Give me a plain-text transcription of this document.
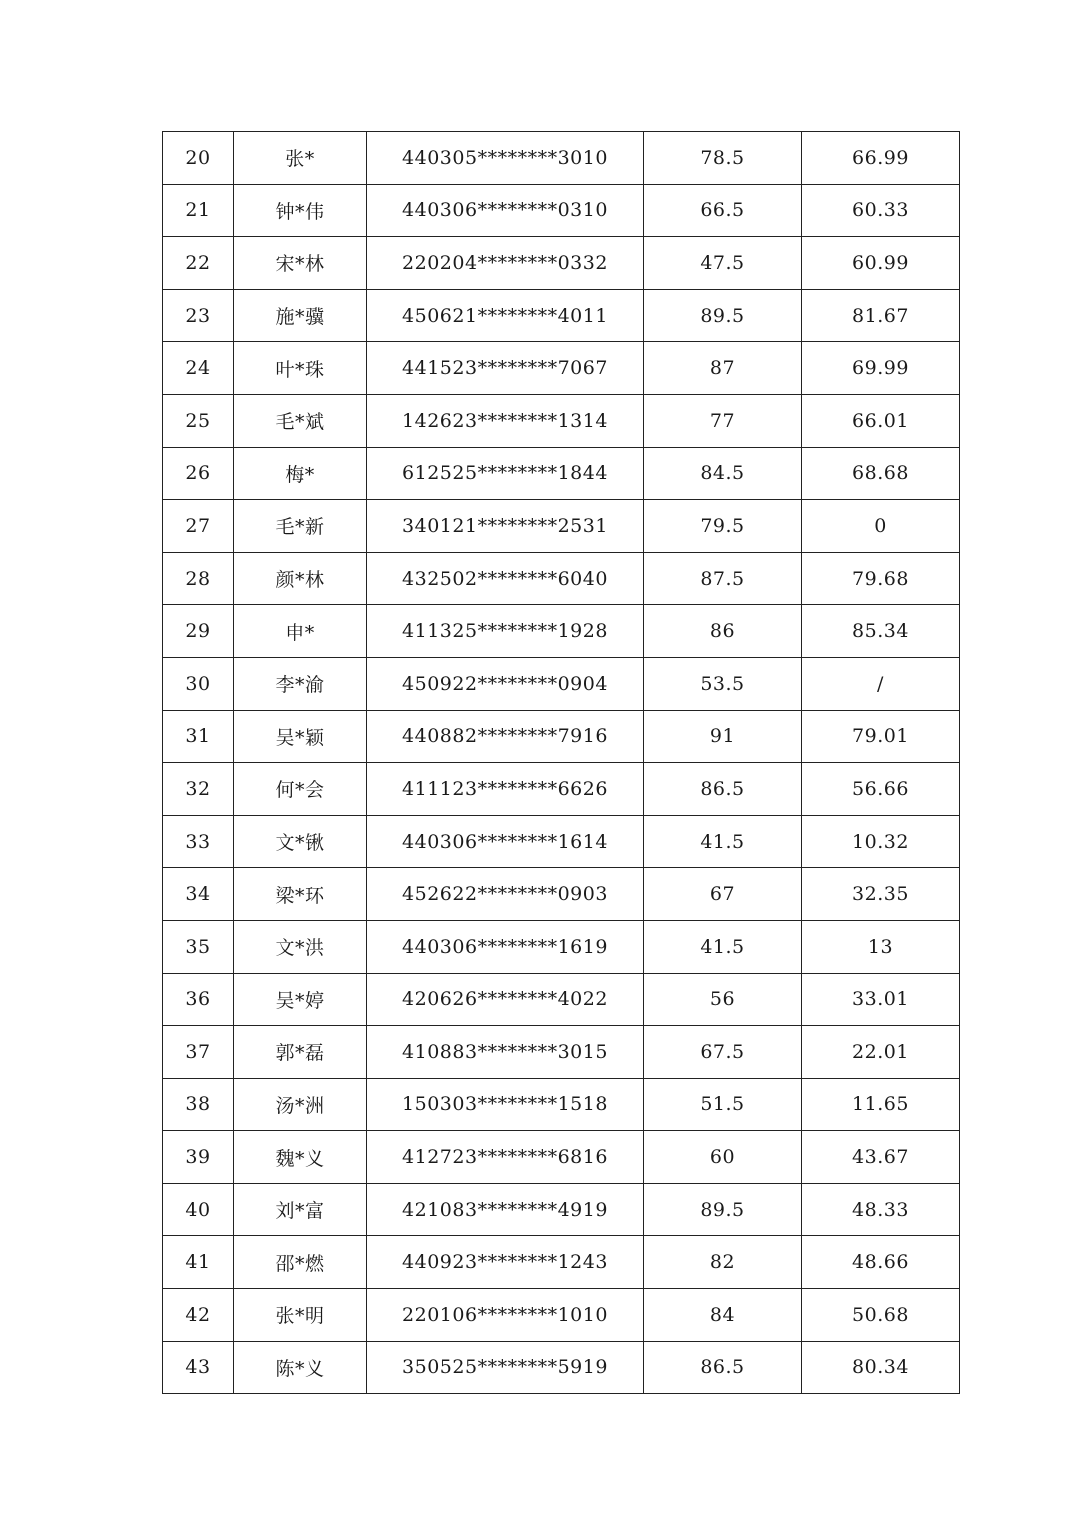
20	张*	440305********3010	78.5	66.99
21	钟*伟	440306********0310	66.5	60.33
22	宋*林	220204********0332	47.5	60.99
23	施*骥	450621********4011	89.5	81.67
24	叶*珠	441523********7067	87	69.99
25	毛*斌	142623********1314	77	66.01
26	梅*	612525********1844	84.5	68.68
27	毛*新	340121********2531	79.5	0
28	颜*林	432502********6040	87.5	79.68
29	申*	411325********1928	86	85.34
30	李*渝	450922********0904	53.5	/
31	吴*颖	440882********7916	91	79.01
32	何*会	411123********6626	86.5	56.66
33	文*锹	440306********1614	41.5	10.32
34	梁*环	452622********0903	67	32.35
35	文*洪	440306********1619	41.5	13
36	吴*婷	420626********4022	56	33.01
37	郭*磊	410883********3015	67.5	22.01
38	汤*洲	150303********1518	51.5	11.65
39	魏*义	412723********6816	60	43.67
40	刘*富	421083********4919	89.5	48.33
41	邵*燃	440923********1243	82	48.66
42	张*明	220106********1010	84	50.68
43	陈*义	350525********5919	86.5	80.34
